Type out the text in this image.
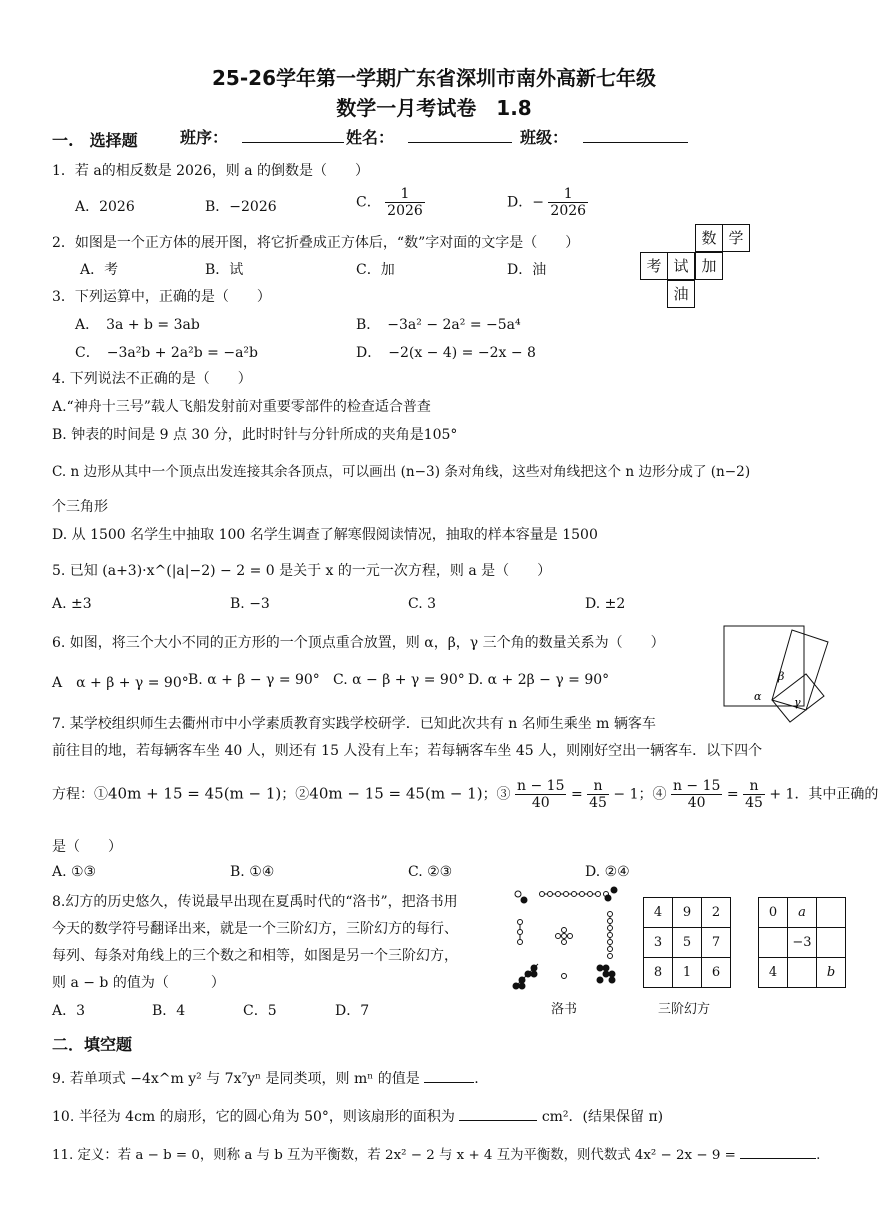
25-26学年第一学期广东省深圳市南外高新七年级
数学一月考试卷　1.8
一.　选择题	班序：	姓名：	班级：
1．若 a的相反数是 2026，则 a 的倒数是（　　）
A．2026	B．−2026	C． $\frac{1}{2026}$	D．− $\frac{1}{2026}$
2．如图是一个正方体的展开图，将它折叠成正方体后，“数”字对面的文字是（　　）
A．考	B．试	C．加	D．油
数 学
考 试 加
油
3．下列运算中，正确的是（　　）
A．　3a + b = 3ab	B．　−3a² − 2a² = −5a⁴
C．　−3a²b + 2a²b = −a²b	D．　−2(x − 4) = −2x − 8
4. 下列说法不正确的是（　　）
A.“神舟十三号”载人飞船发射前对重要零部件的检查适合普查
B. 钟表的时间是 9 点 30 分，此时时针与分针所成的夹角是105°
C. n 边形从其中一个顶点出发连接其余各顶点，可以画出 (n−3) 条对角线，这些对角线把这个 n 边形分成了 (n−2)
个三角形
D. 从 1500 名学生中抽取 100 名学生调查了解寒假阅读情况，抽取的样本容量是 1500
5. 已知 (a+3)·x^(|a|−2) − 2 = 0 是关于 x 的一元一次方程，则 a 是（　　）
A. ±3	B. −3	C. 3	D. ±2
6. 如图，将三个大小不同的正方形的一个顶点重合放置，则 α，β，γ 三个角的数量关系为（　　）
A　α + β + γ = 90° B. α + β − γ = 90° C. α − β + γ = 90° D. α + 2β − γ = 90°
α
β
γ
7. 某学校组织师生去衢州市中小学素质教育实践学校研学．已知此次共有 n 名师生乘坐 m 辆客车
前往目的地，若每辆客车坐 40 人，则还有 15 人没有上车；若每辆客车坐 45 人，则刚好空出一辆客车．以下四个
方程：①40m + 15 = 45(m − 1)；②40m − 15 = 45(m − 1)；③ $\frac{n - 15}{40} = \frac{n}{45} - 1$；④ $\frac{n - 15}{40} = \frac{n}{45} + 1$．其中正确的
是（　　）
A. ①③	B. ①④	C. ②③	D. ②④
8.幻方的历史悠久，传说最早出现在夏禹时代的“洛书”，把洛书用
今天的数学符号翻译出来，就是一个三阶幻方，三阶幻方的每行、
每列、每条对角线上的三个数之和相等，如图是另一个三阶幻方，
则 a − b 的值为（　　　）
A．3	B．4	C．5	D．7	洛书
4	9	2
3	5	7
8	1	6
三阶幻方
0	a	
	−3	
4		b
二．填空题
9. 若单项式 −4x^m y² 与 7x⁷yⁿ 是同类项，则 mⁿ 的值是	.
10. 半径为 4cm 的扇形，它的圆心角为 50°，则该扇形的面积为	cm²．(结果保留 π)
11. 定义：若 a − b = 0，则称 a 与 b 互为平衡数，若 2x² − 2 与 x + 4 互为平衡数，则代数式 4x² − 2x − 9 =	.
